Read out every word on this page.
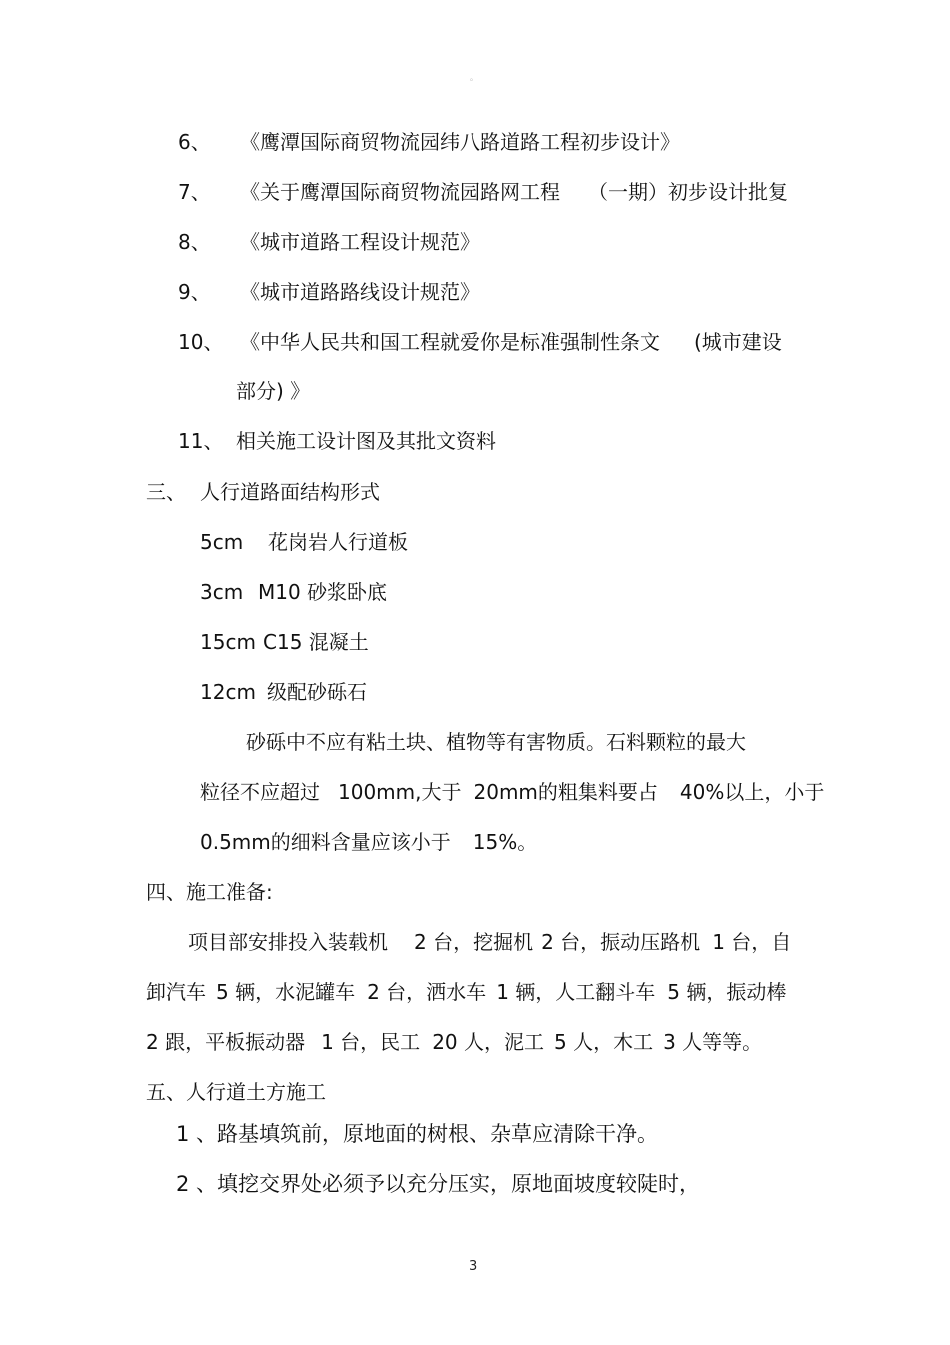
。
6、 《鹰潭国际商贸物流园纬八路道路工程初步设计》
7、 《关于鹰潭国际商贸物流园路网工程 （一期）初步设计批复
8、 《城市道路工程设计规范》
9、 《城市道路路线设计规范》
10、 《中华人民共和国工程就爱你是标准强制性条文 (城市建设
部分) 》
11、 相关施工设计图及其批文资料
三、 人行道路面结构形式
5cm 花岗岩人行道板
3cm M10 砂浆卧底
15cm C15 混凝土
12cm 级配砂砾石
砂砾中不应有粘土块、植物等有害物质。石料颗粒的最大
粒径不应超过 100mm,大于 20mm的粗集料要占 40%以上，小于
0.5mm的细料含量应该小于 15%。
四、施工准备:
项目部安排投入装载机 2 台，挖掘机 2 台，振动压路机 1 台，自
卸汽车 5 辆，水泥罐车 2 台，洒水车 1 辆，人工翻斗车 5 辆，振动棒
2 跟，平板振动器 1 台，民工 20 人，泥工 5 人，木工 3 人等等。
五、人行道土方施工
1 、路基填筑前，原地面的树根、杂草应清除干净。
2 、填挖交界处必须予以充分压实，原地面坡度较陡时，
3
